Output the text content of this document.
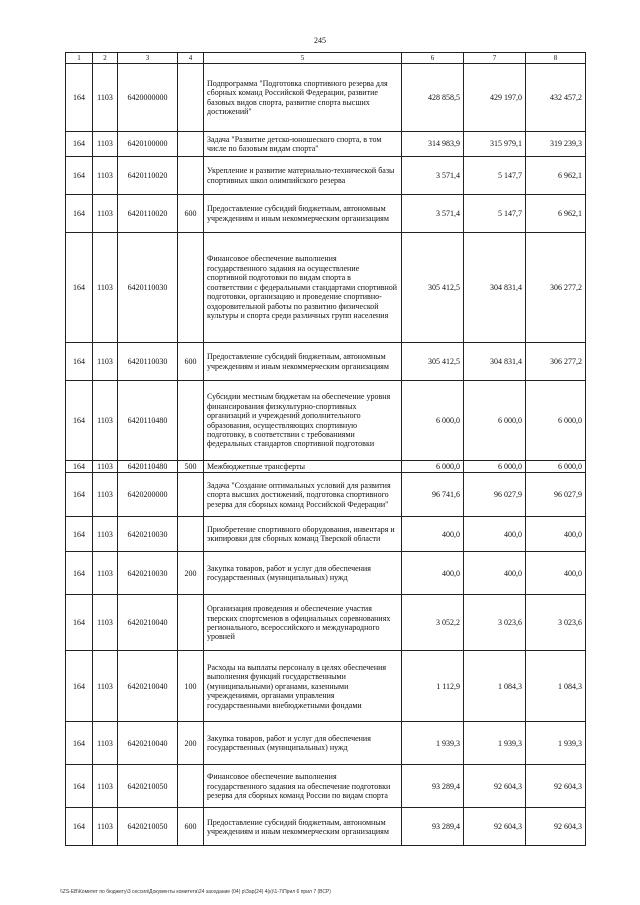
245
1	2	3	4	5	6	7	8
164	1103	6420000000		Подпрограмма "Подготовка спортивного резерва для сборных команд Российской Федерации, развитие базовых видов спорта, развитие спорта высших достижений"	428 858,5	429 197,0	432 457,2
164	1103	6420100000		Задача "Развитие детско-юношеского спорта, в том числе по базовым видам спорта"	314 983,9	315 979,1	319 239,3
164	1103	6420110020		Укрепление и развитие материально-технической базы спортивных школ олимпийского резерва	3 571,4	5 147,7	6 962,1
164	1103	6420110020	600	Предоставление субсидий бюджетным, автономным учреждениям и иным некоммерческим организациям	3 571,4	5 147,7	6 962,1
164	1103	6420110030		Финансовое обеспечение выполнения государственного задания на осуществление спортивной подготовки по видам спорта в соответствии с федеральными стандартами спортивной подготовки, организацию и проведение спортивно-оздоровительной работы по развитию физической культуры и спорта среди различных групп населения	305 412,5	304 831,4	306 277,2
164	1103	6420110030	600	Предоставление субсидий бюджетным, автономным учреждениям и иным некоммерческим организациям	305 412,5	304 831,4	306 277,2
164	1103	6420110480		Субсидии местным бюджетам на обеспечение уровня финансирования физкультурно-спортивных организаций и учреждений дополнительного образования, осуществляющих спортивную подготовку, в соответствии с требованиями федеральных стандартов спортивной подготовки	6 000,0	6 000,0	6 000,0
164	1103	6420110480	500	Межбюджетные трансферты	6 000,0	6 000,0	6 000,0
164	1103	6420200000		Задача "Создание оптимальных условий для развития спорта высших достижений, подготовка спортивного резерва для сборных команд Российской Федерации"	96 741,6	96 027,9	96 027,9
164	1103	6420210030		Приобретение спортивного оборудования, инвентаря и экипировки для сборных команд Тверской области	400,0	400,0	400,0
164	1103	6420210030	200	Закупка товаров, работ и услуг для обеспечения государственных (муниципальных) нужд	400,0	400,0	400,0
164	1103	6420210040		Организация проведения и обеспечение участия тверских спортсменов в официальных соревнованиях регионального, всероссийского и международного уровней	3 052,2	3 023,6	3 023,6
164	1103	6420210040	100	Расходы на выплаты персоналу в целях обеспечения выполнения функций государственными (муниципальными) органами, казенными учреждениями, органами управления государственными внебюджетными фондами	1 112,9	1 084,3	1 084,3
164	1103	6420210040	200	Закупка товаров, работ и услуг для обеспечения государственных (муниципальных) нужд	1 939,3	1 939,3	1 939,3
164	1103	6420210050		Финансовое обеспечение выполнения государственного задания на обеспечение подготовки резерва для сборных команд России по видам спорта	93 289,4	92 604,3	92 604,3
164	1103	6420210050	600	Предоставление субсидий бюджетным, автономным учреждениям и иным некоммерческим организациям	93 289,4	92 604,3	92 604,3
\\ZS-EB\Комитет по бюджету\3 сессия\Документы комитета\24 заседание (04) р\Зар(24) 4(к)\1-7\Прил 6 прил 7 (ВСР)
